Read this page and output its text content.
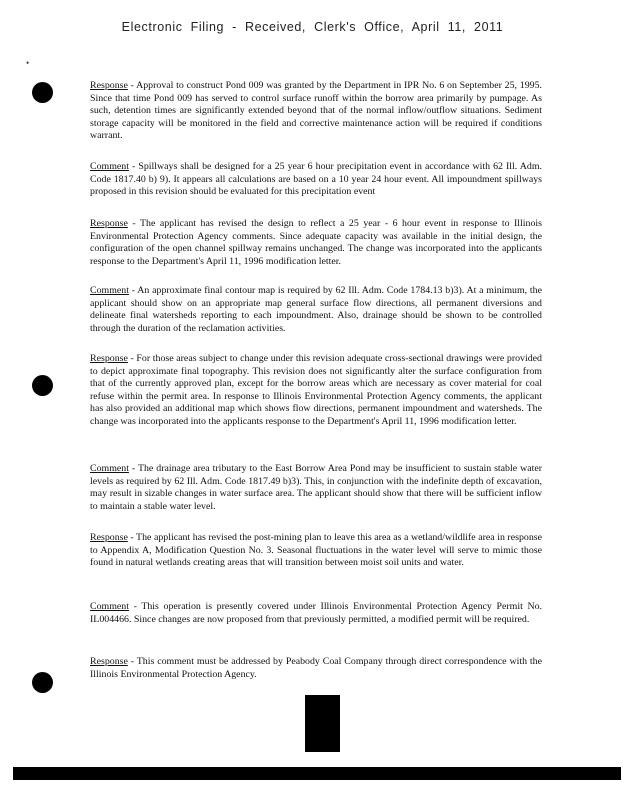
Electronic Filing - Received, Clerk's Office, April 11, 2011
•

Response - Approval to construct Pond 009 was granted by the Department in IPR No. 6 on September 25, 1995. Since that time Pond 009 has served to control surface runoff within the borrow area primarily by pumpage. As such, detention times are significantly extended beyond that of the normal inflow/outflow situations. Sediment storage capacity will be monitored in the field and corrective maintenance action will be required if conditions warrant.

Comment - Spillways shall be designed for a 25 year 6 hour precipitation event in accordance with 62 Ill. Adm. Code 1817.40 b) 9). It appears all calculations are based on a 10 year 24 hour event. All impoundment spillways proposed in this revision should be evaluated for this precipitation event

Response - The applicant has revised the design to reflect a 25 year - 6 hour event in response to Illinois Environmental Protection Agency comments. Since adequate capacity was available in the initial design, the configuration of the open channel spillway remains unchanged. The change was incorporated into the applicants response to the Department's April 11, 1996 modification letter.

Comment - An approximate final contour map is required by 62 Ill. Adm. Code 1784.13 b)3). At a minimum, the applicant should show on an appropriate map general surface flow directions, all permanent diversions and delineate final watersheds reporting to each impoundment. Also, drainage should be shown to be controlled through the duration of the reclamation activities.

Response - For those areas subject to change under this revision adequate cross-sectional drawings were provided to depict approximate final topography. This revision does not significantly alter the surface configuration from that of the currently approved plan, except for the borrow areas which are necessary as cover material for coal refuse within the permit area. In response to Illinois Environmental Protection Agency comments, the applicant has also provided an additional map which shows flow directions, permanent impoundment and watersheds. The change was incorporated into the applicants response to the Department's April 11, 1996 modification letter.

Comment - The drainage area tributary to the East Borrow Area Pond may be insufficient to sustain stable water levels as required by 62 Ill. Adm. Code 1817.49 b)3). This, in conjunction with the indefinite depth of excavation, may result in sizable changes in water surface area. The applicant should show that there will be sufficient inflow to maintain a stable water level.

Response - The applicant has revised the post-mining plan to leave this area as a wetland/wildlife area in response to Appendix A, Modification Question No. 3. Seasonal fluctuations in the water level will serve to mimic those found in natural wetlands creating areas that will transition between moist soil units and water.

Comment - This operation is presently covered under Illinois Environmental Protection Agency Permit No. IL004466. Since changes are now proposed from that previously permitted, a modified permit will be required.

Response - This comment must be addressed by Peabody Coal Company through direct correspondence with the Illinois Environmental Protection Agency.
